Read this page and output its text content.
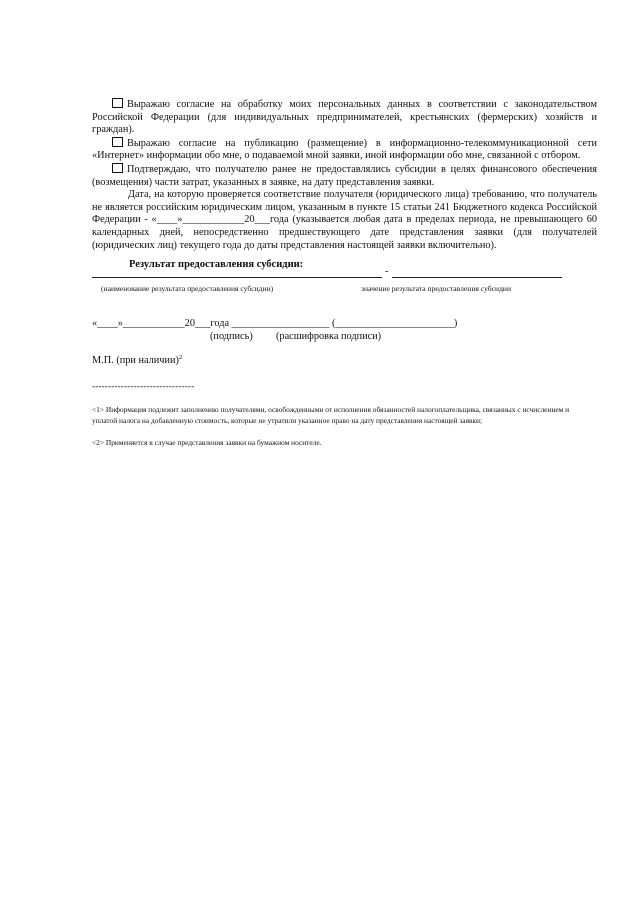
Выражаю согласие на обработку моих персональных данных в соответствии с законодательством Российской Федерации (для индивидуальных предпринимателей, крестьянских (фермерских) хозяйств и граждан).

Выражаю согласие на публикацию (размещение) в информационно-телекоммуникационной сети «Интернет» информации обо мне, о подаваемой мной заявки, иной информации обо мне, связанной с отбором.

Подтверждаю, что получателю ранее не предоставлялись субсидии в целях финансового обеспечения (возмещения) части затрат, указанных в заявке, на дату представления заявки.

Дата, на которую проверяется соответствие получателя (юридического лица) требованию, что получатель не является российским юридическим лицом, указанным в пункте 15 статьи 241 Бюджетного кодекса Российской Федерации - «____»____________20___года (указывается любая дата в пределах периода, не превышающего 60 календарных дней, непосредственно предшествующего дате представления заявки (для получателей (юридических лиц) текущего года до даты представления настоящей заявки включительно).

Результат предоставления субсидии:
-
(наименование результата предоставления субсидии)	значение результата предоставления субсидии
«____»____________20___года ___________________ (_______________________)
(подпись) (расшифровка подписи)
М.П. (при наличии)$^2$
--------------------------------
<1> Информация подлежит заполнению получателями, освобожденными от исполнения обязанностей налогоплательщика, связанных с исчислением и уплатой налога на добавленную стоимость, которые не утратили указанное право на дату представления настоящей заявки;
<2> Применяется в случае представления заявки на бумажном носителе.
